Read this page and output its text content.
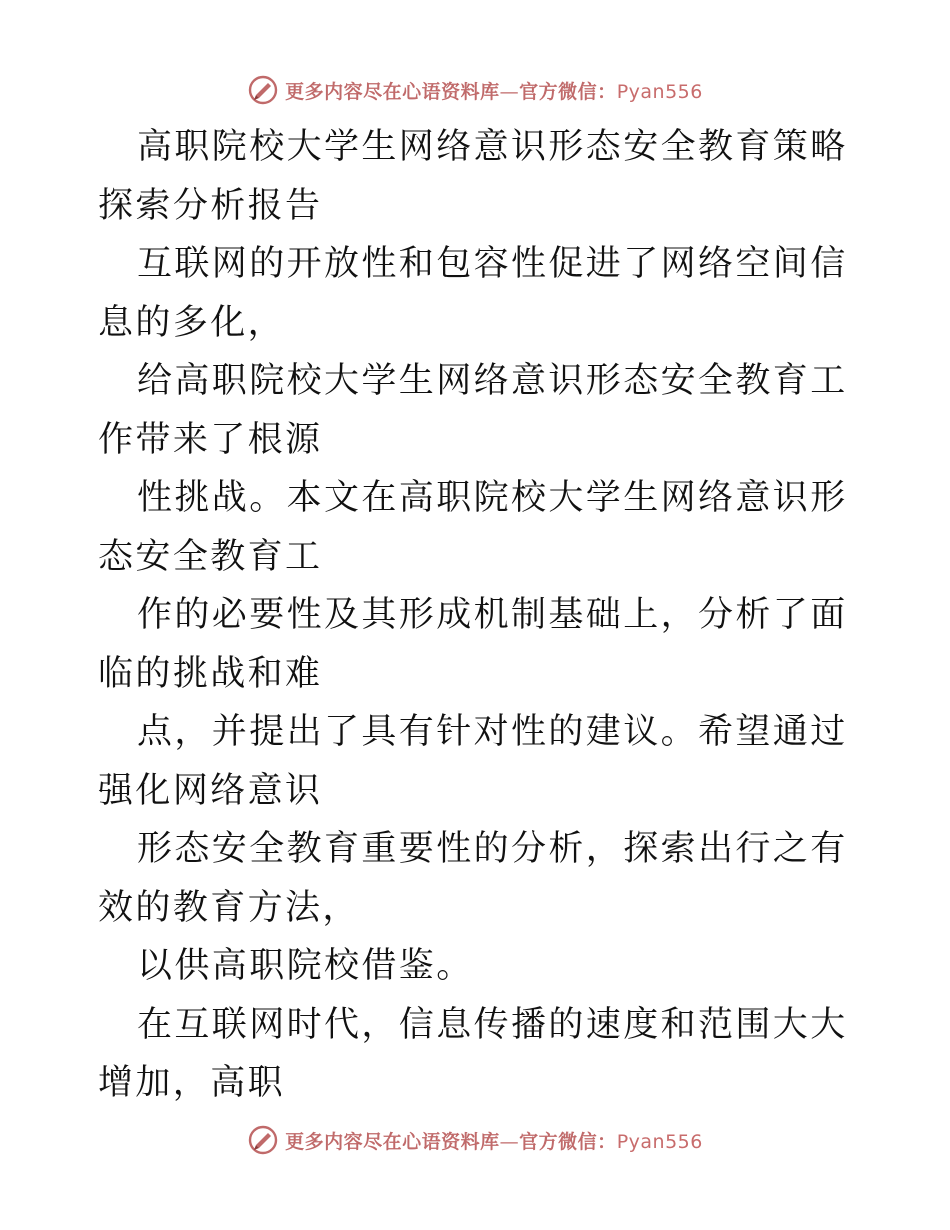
更多内容尽在心语资料库—官方微信：Pyan556

高职院校大学生网络意识形态安全教育策略探索分析报告

互联网的开放性和包容性促进了网络空间信息的多化，

给高职院校大学生网络意识形态安全教育工作带来了根源

性挑战。本文在高职院校大学生网络意识形态安全教育工

作的必要性及其形成机制基础上，分析了面临的挑战和难

点，并提出了具有针对性的建议。希望通过强化网络意识

形态安全教育重要性的分析，探索出行之有效的教育方法，

以供高职院校借鉴。

在互联网时代，信息传播的速度和范围大大增加，高职

更多内容尽在心语资料库—官方微信：Pyan556
